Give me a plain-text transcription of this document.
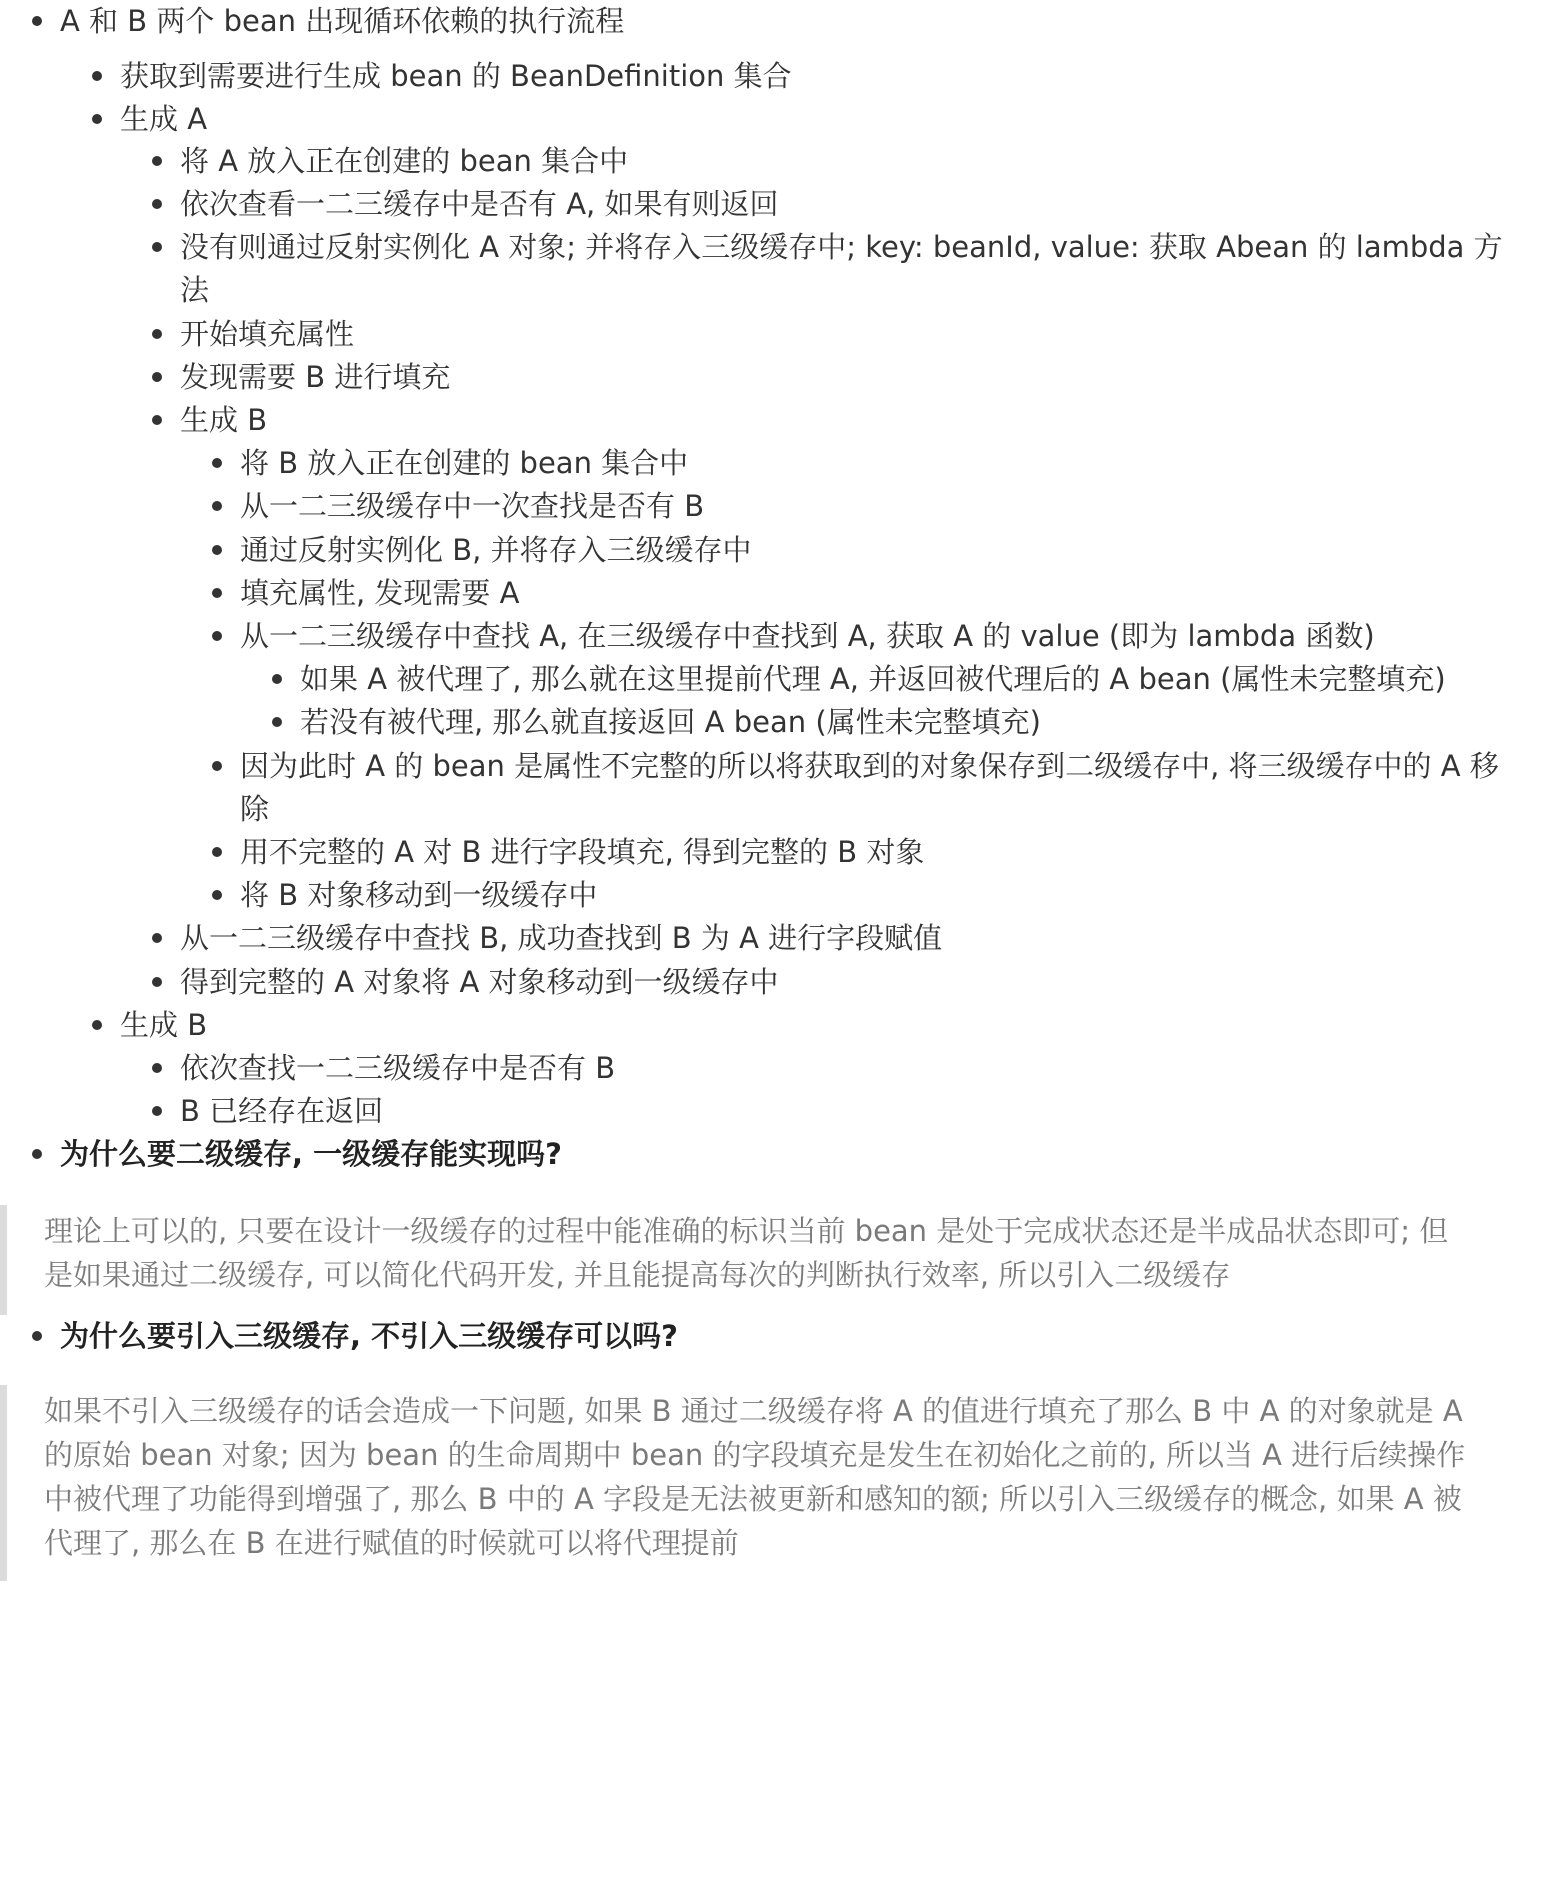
A 和 B 两个 bean 出现循环依赖的执行流程
获取到需要进行生成 bean 的 BeanDefinition 集合
生成 A
将 A 放入正在创建的 bean 集合中
依次查看一二三缓存中是否有 A, 如果有则返回
没有则通过反射实例化 A 对象; 并将存入三级缓存中; key: beanId, value: 获取 Abean 的 lambda 方
法
开始填充属性
发现需要 B 进行填充
生成 B
将 B 放入正在创建的 bean 集合中
从一二三级缓存中一次查找是否有 B
通过反射实例化 B, 并将存入三级缓存中
填充属性, 发现需要 A
从一二三级缓存中查找 A, 在三级缓存中查找到 A, 获取 A 的 value (即为 lambda 函数)
如果 A 被代理了, 那么就在这里提前代理 A, 并返回被代理后的 A bean (属性未完整填充)
若没有被代理, 那么就直接返回 A bean (属性未完整填充)
因为此时 A 的 bean 是属性不完整的所以将获取到的对象保存到二级缓存中, 将三级缓存中的 A 移
除
用不完整的 A 对 B 进行字段填充, 得到完整的 B 对象
将 B 对象移动到一级缓存中
从一二三级缓存中查找 B, 成功查找到 B 为 A 进行字段赋值
得到完整的 A 对象将 A 对象移动到一级缓存中
生成 B
依次查找一二三级缓存中是否有 B
B 已经存在返回
为什么要二级缓存, 一级缓存能实现吗?
理论上可以的, 只要在设计一级缓存的过程中能准确的标识当前 bean 是处于完成状态还是半成品状态即可; 但
是如果通过二级缓存, 可以简化代码开发, 并且能提高每次的判断执行效率, 所以引入二级缓存
为什么要引入三级缓存, 不引入三级缓存可以吗?
如果不引入三级缓存的话会造成一下问题, 如果 B 通过二级缓存将 A 的值进行填充了那么 B 中 A 的对象就是 A
的原始 bean 对象; 因为 bean 的生命周期中 bean 的字段填充是发生在初始化之前的, 所以当 A 进行后续操作
中被代理了功能得到增强了, 那么 B 中的 A 字段是无法被更新和感知的额; 所以引入三级缓存的概念, 如果 A 被
代理了, 那么在 B 在进行赋值的时候就可以将代理提前
